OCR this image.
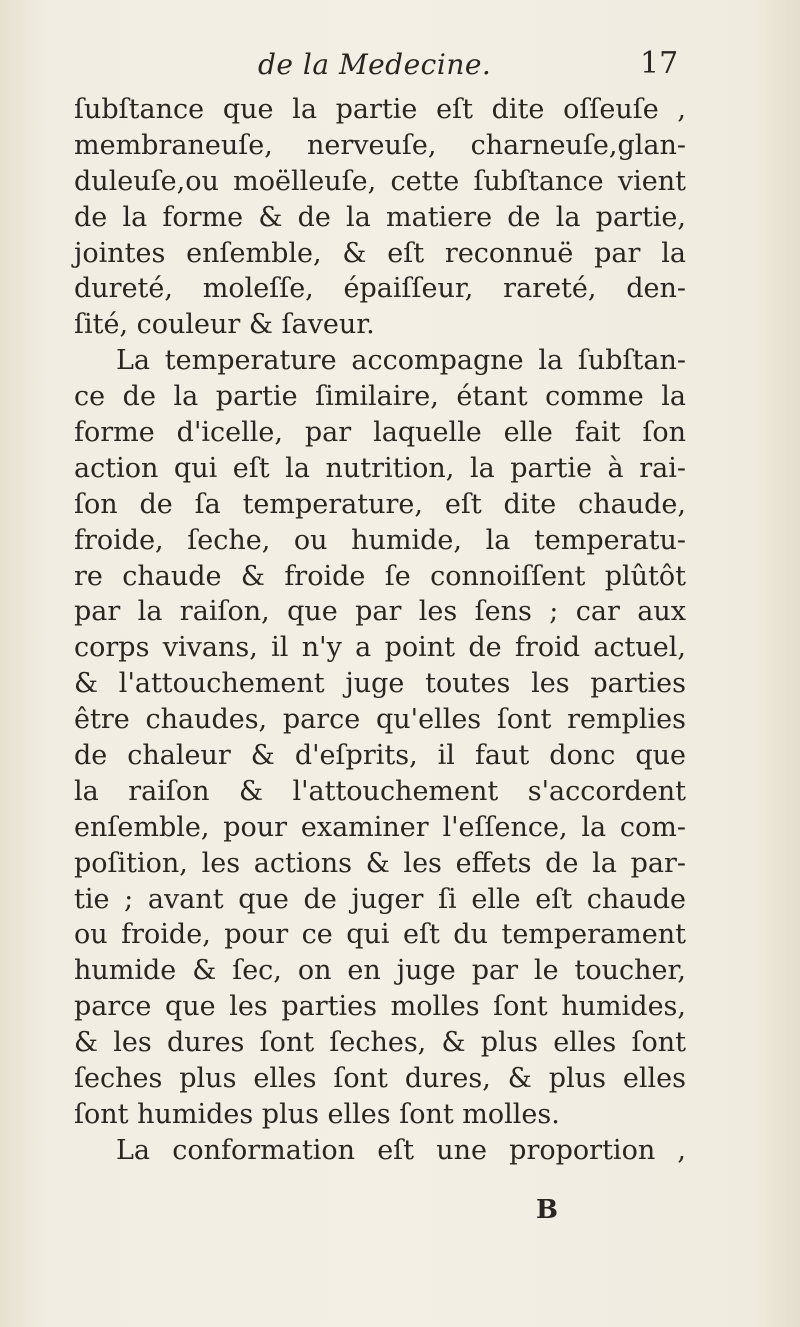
de la Medecine.	17
ſubſtance que la partie eſt dite oſſeuſe ,
membraneuſe, nerveuſe, charneuſe,glan-
duleuſe,ou moëlleuſe, cette ſubſtance vient
de la forme & de la matiere de la partie,
jointes enſemble, & eſt reconnuë par la
dureté, moleſſe, épaiſſeur, rareté, den-
ſité, couleur & ſaveur.
La temperature accompagne la ſubſtan-
ce de la partie ſimilaire, étant comme la
forme d'icelle, par laquelle elle fait ſon
action qui eſt la nutrition, la partie à rai-
ſon de ſa temperature, eſt dite chaude,
froide, ſeche, ou humide, la temperatu-
re chaude & froide ſe connoiſſent plûtôt
par la raiſon, que par les ſens ; car aux
corps vivans, il n'y a point de froid actuel,
& l'attouchement juge toutes les parties
être chaudes, parce qu'elles ſont remplies
de chaleur & d'eſprits, il faut donc que
la raiſon & l'attouchement s'accordent
enſemble, pour examiner l'eſſence, la com-
poſition, les actions & les effets de la par-
tie ; avant que de juger ſi elle eſt chaude
ou froide, pour ce qui eſt du temperament
humide & ſec, on en juge par le toucher,
parce que les parties molles ſont humides,
& les dures ſont ſeches, & plus elles ſont
ſeches plus elles ſont dures, & plus elles
ſont humides plus elles ſont molles.
La conformation eſt une proportion ,
B
